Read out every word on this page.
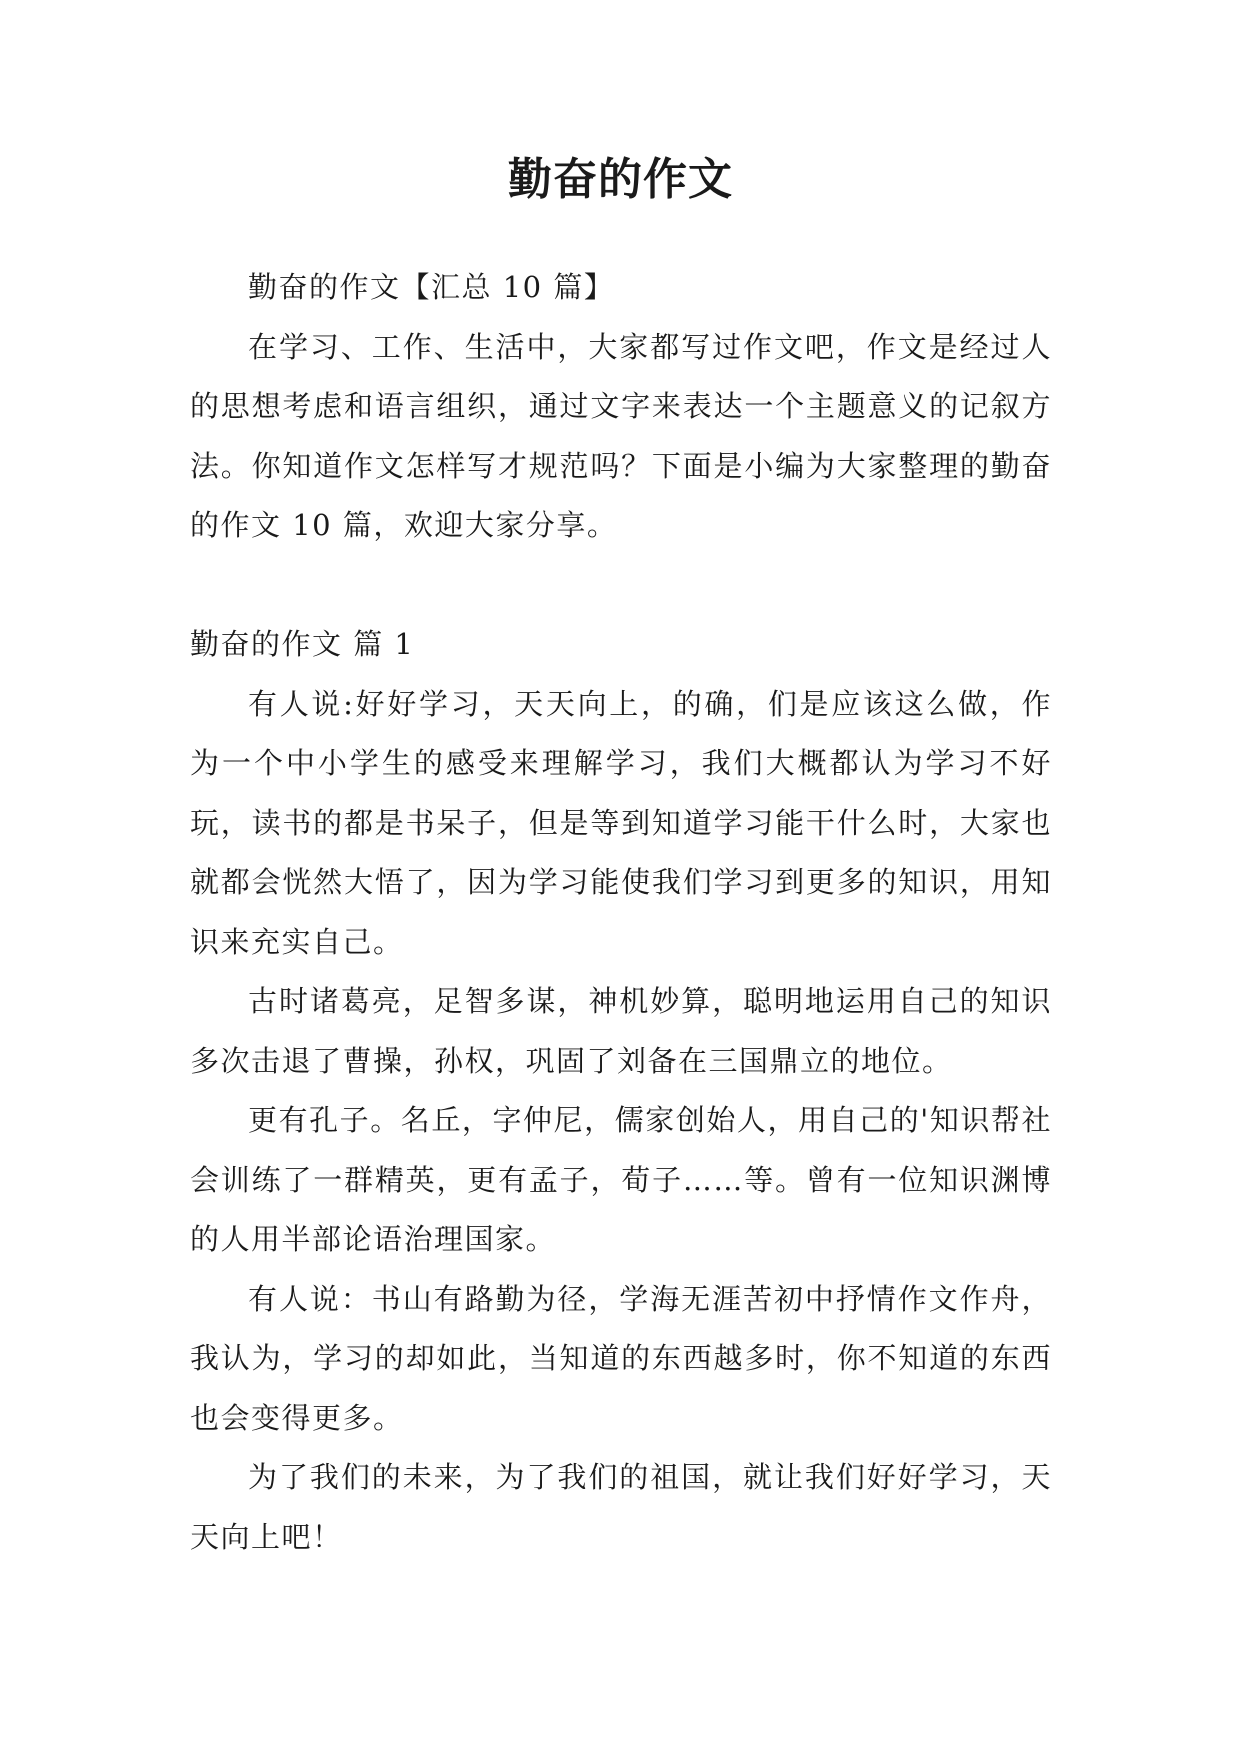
勤奋的作文

勤奋的作文【汇总 10 篇】

在学习、工作、生活中，大家都写过作文吧，作文是经过人的思想考虑和语言组织，通过文字来表达一个主题意义的记叙方法。你知道作文怎样写才规范吗？下面是小编为大家整理的勤奋的作文 10 篇，欢迎大家分享。

勤奋的作文 篇 1

有人说:好好学习，天天向上，的确，们是应该这么做，作为一个中小学生的感受来理解学习，我们大概都认为学习不好玩，读书的都是书呆子，但是等到知道学习能干什么时，大家也就都会恍然大悟了，因为学习能使我们学习到更多的知识，用知识来充实自己。

古时诸葛亮，足智多谋，神机妙算，聪明地运用自己的知识多次击退了曹操，孙权，巩固了刘备在三国鼎立的地位。

更有孔子。名丘，字仲尼，儒家创始人，用自己的'知识帮社会训练了一群精英，更有孟子，荀子……等。曾有一位知识渊博的人用半部论语治理国家。

有人说：书山有路勤为径，学海无涯苦初中抒情作文作舟，我认为，学习的却如此，当知道的东西越多时，你不知道的东西也会变得更多。

为了我们的未来，为了我们的祖国，就让我们好好学习，天天向上吧！
